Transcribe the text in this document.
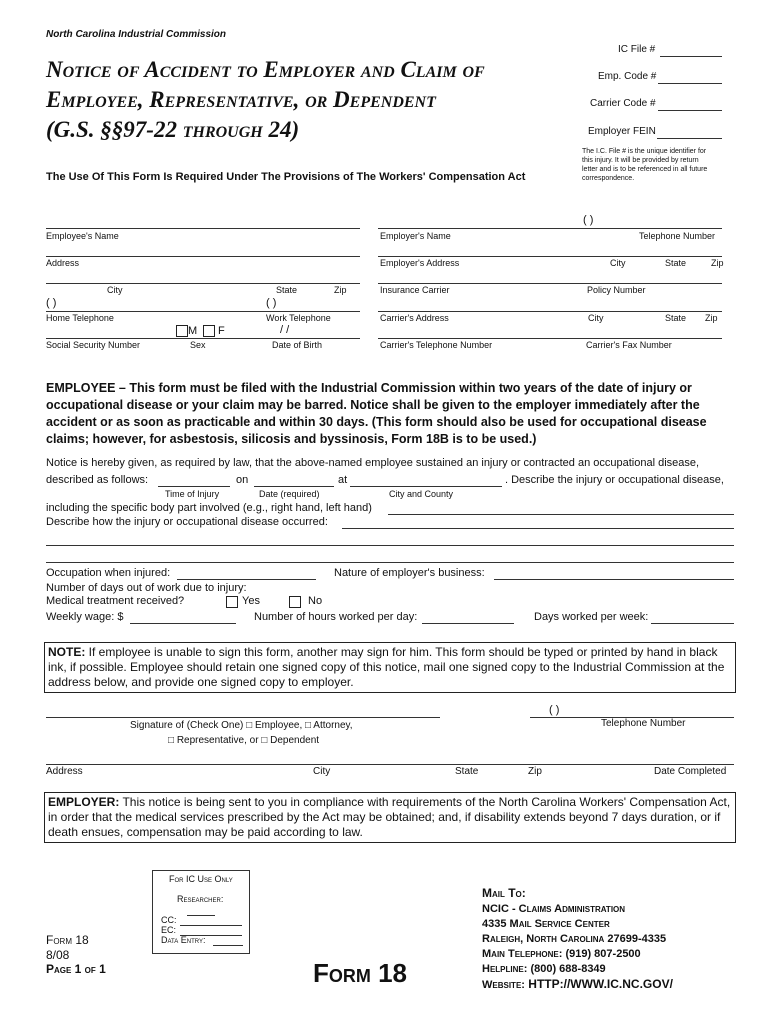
North Carolina Industrial Commission
Notice of Accident to Employer and Claim of
Employee, Representative, or Dependent
(G.S. §§97-22 through 24)
The Use Of This Form Is Required Under The Provisions of The Workers' Compensation Act
IC File #
Emp. Code #
Carrier Code #
Employer FEIN
The I.C. File # is the unique identifier for
this injury. It will be provided by return
letter and is to be referenced in all future
correspondence.
( )
Employee's Name	Employer's Name	Telephone Number
Address	Employer's Address	City	State	Zip
City	State	Zip	Insurance Carrier	Policy Number
( )	( )
Home Telephone	Work Telephone	Carrier's Address	City	State Zip
M F	/ /
Social Security Number	Sex	Date of Birth	Carrier's Telephone Number	Carrier's Fax Number
EMPLOYEE – This form must be filed with the Industrial Commission within two years of the date of injury or
occupational disease or your claim may be barred. Notice shall be given to the employer immediately after the
accident or as soon as practicable and within 30 days. (This form should also be used for occupational disease
claims; however, for asbestosis, silicosis and byssinosis, Form 18B is to be used.)
Notice is hereby given, as required by law, that the above-named employee sustained an injury or contracted an occupational disease,
described as follows:	on	at	. Describe the injury or occupational disease,
Time of Injury	Date (required)	City and County
including the specific body part involved (e.g., right hand, left hand)
Describe how the injury or occupational disease occurred:
Occupation when injured:	Nature of employer's business:
Number of days out of work due to injury:
Medical treatment received?	Yes	No
Weekly wage: $	Number of hours worked per day:	Days worked per week:
NOTE: If employee is unable to sign this form, another may sign for him. This form should be typed or printed by hand in black ink, if possible. Employee should retain one signed copy of this notice, mail one signed copy to the Industrial Commission at the address below, and provide one signed copy to employer.
( )
Signature of (Check One) □ Employee, □ Attorney,	Telephone Number
□ Representative, or □ Dependent
Address	City	State	Zip	Date Completed
EMPLOYER: This notice is being sent to you in compliance with requirements of the North Carolina Workers' Compensation Act, in order that the medical services prescribed by the Act may be obtained; and, if disability extends beyond 7 days duration, or if death ensues, compensation may be paid according to law.
For IC Use Only
Researcher:
CC:
EC:
Data Entry:
Form 18
8/08
Page 1 of 1	Form 18
Mail To:
NCIC - Claims Administration
4335 Mail Service Center
Raleigh, North Carolina 27699-4335
Main Telephone: (919) 807-2500
Helpline: (800) 688-8349
Website: HTTP://WWW.IC.NC.GOV/
